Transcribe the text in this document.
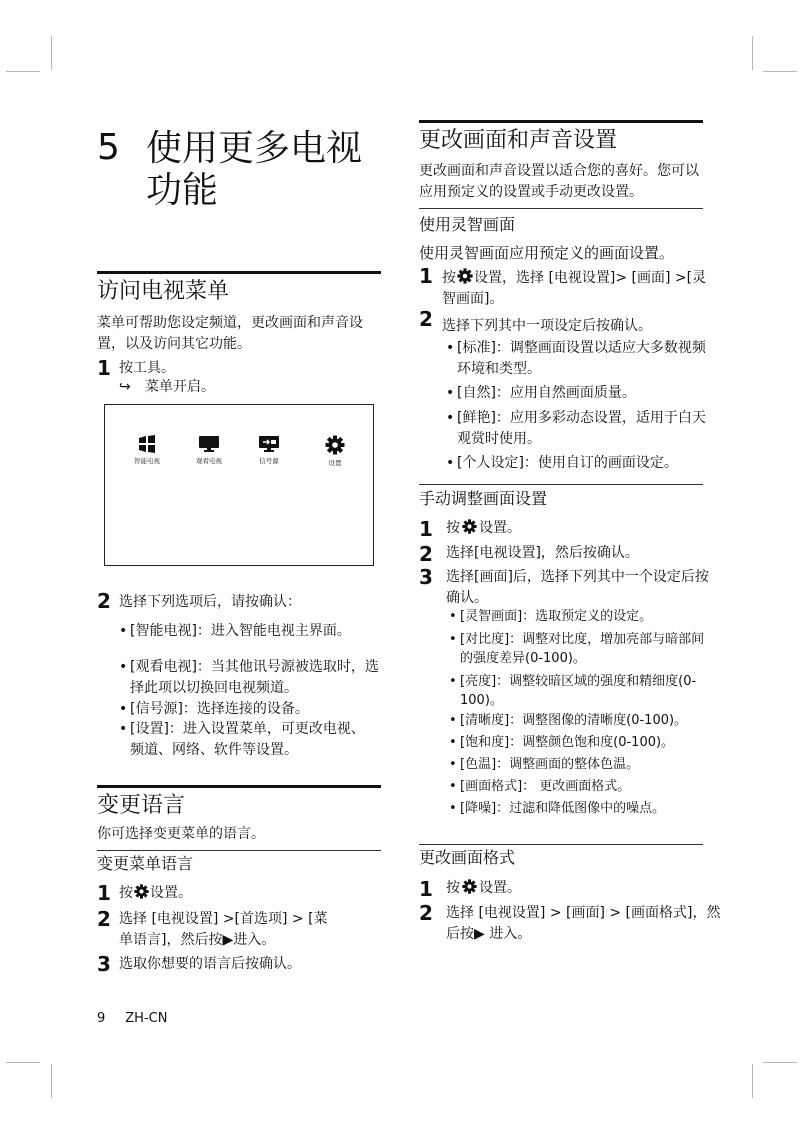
5 使用更多电视功能
访问电视菜单
菜单可帮助您设定频道，更改画面和声音设置，以及访问其它功能。
1 按工具。
↪ 菜单开启。
智能电视	观看电视	信号源	设置
2 选择下列选项后，请按确认：
• [智能电视]：进入智能电视主界面。
• [观看电视]：当其他讯号源被选取时，选择此项以切换回电视频道。
• [信号源]：选择连接的设备。
• [设置]：进入设置菜单，可更改电视、频道、网络、软件等设置。
变更语言
你可选择变更菜单的语言。
变更菜单语言
1 按 设置。
2 选择 [电视设置] >[首选项] > [菜单语言]，然后按▶进入。
3 选取你想要的语言后按确认。
更改画面和声音设置
更改画面和声音设置以适合您的喜好。您可以应用预定义的设置或手动更改设置。
使用灵智画面
使用灵智画面应用预定义的画面设置。
1 按 设置，选择 [电视设置]> [画面] >[灵智画面]。
2 选择下列其中一项设定后按确认。
• [标准]：调整画面设置以适应大多数视频环境和类型。
• [自然]：应用自然画面质量。
• [鲜艳]：应用多彩动态设置，适用于白天观赏时使用。
• [个人设定]：使用自订的画面设定。
手动调整画面设置
1 按 设置。
2 选择[电视设置]，然后按确认。
3 选择[画面]后，选择下列其中一个设定后按确认。
• [灵智画面]：选取预定义的设定。
• [对比度]：调整对比度，增加亮部与暗部间的强度差异(0-100)。
• [亮度]：调整较暗区域的强度和精细度(0-100)。
• [清晰度]：调整图像的清晰度(0-100)。
• [饱和度]：调整颜色饱和度(0-100)。
• [色温]：调整画面的整体色温。
• [画面格式]： 更改画面格式。
• [降噪]：过滤和降低图像中的噪点。
更改画面格式
1 按 设置。
2 选择 [电视设置] > [画面] > [画面格式]，然后按▶ 进入。
9 ZH-CN
